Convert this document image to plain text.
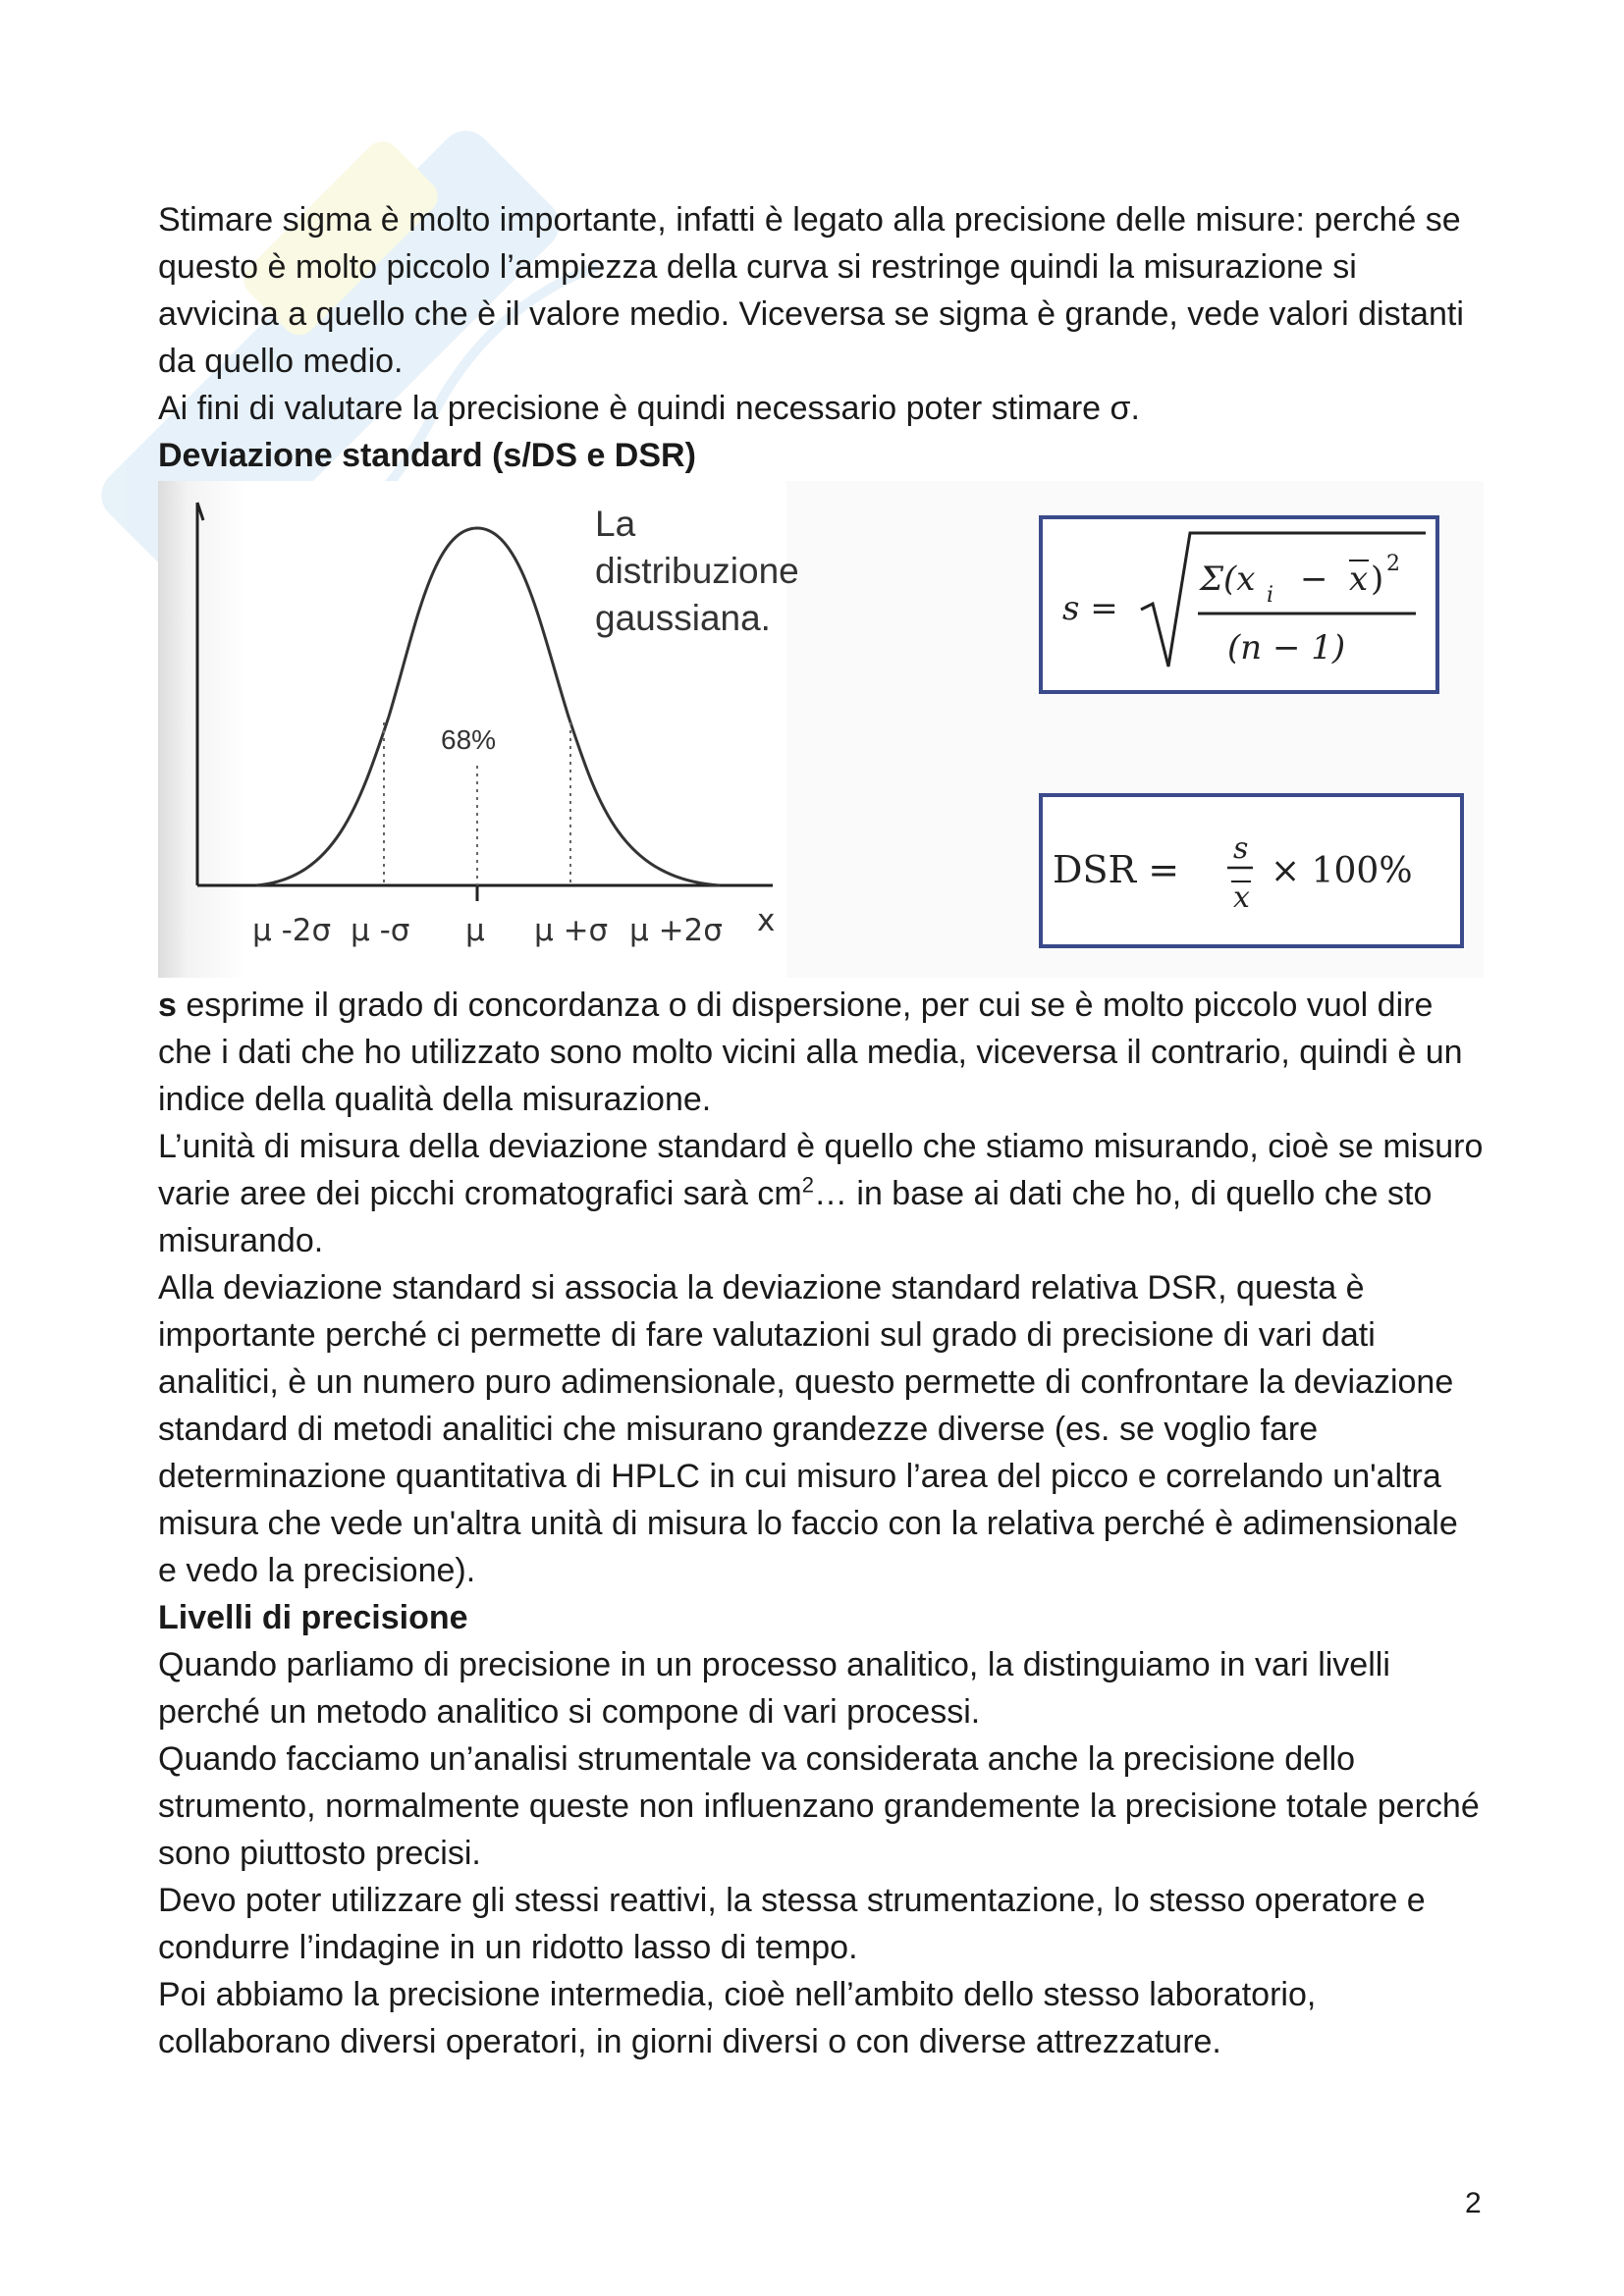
Stimare sigma è molto importante, infatti è legato alla precisione delle misure: perché se questo è molto piccolo l’ampiezza della curva si restringe quindi la misurazione si avvicina a quello che è il valore medio. Viceversa se sigma è grande, vede valori distanti da quello medio.

Ai fini di valutare la precisione è quindi necessario poter stimare σ.

Deviazione standard (s/DS e DSR)

La distribuzione
gaussiana.
68%
μ -2σ μ -σ μ μ +σ μ +2σ x
s =
Σ(x i − x ) 2
(n − 1)
DSR = s
x
× 100%

s esprime il grado di concordanza o di dispersione, per cui se è molto piccolo vuol dire che i dati che ho utilizzato sono molto vicini alla media, viceversa il contrario, quindi è un indice della qualità della misurazione.

L’unità di misura della deviazione standard è quello che stiamo misurando, cioè se misuro varie aree dei picchi cromatografici sarà $cm^2\dots$ in base ai dati che ho, di quello che sto misurando.

Alla deviazione standard si associa la deviazione standard relativa DSR, questa è importante perché ci permette di fare valutazioni sul grado di precisione di vari dati analitici, è un numero puro adimensionale, questo permette di confrontare la deviazione standard di metodi analitici che misurano grandezze diverse (es. se voglio fare determinazione quantitativa di HPLC in cui misuro l’area del picco e correlando un'altra misura che vede un'altra unità di misura lo faccio con la relativa perché è adimensionale e vedo la precisione).

Livelli di precisione

Quando parliamo di precisione in un processo analitico, la distinguiamo in vari livelli perché un metodo analitico si compone di vari processi.

Quando facciamo un’analisi strumentale va considerata anche la precisione dello strumento, normalmente queste non influenzano grandemente la precisione totale perché sono piuttosto precisi.

Devo poter utilizzare gli stessi reattivi, la stessa strumentazione, lo stesso operatore e condurre l’indagine in un ridotto lasso di tempo.

Poi abbiamo la precisione intermedia, cioè nell’ambito dello stesso laboratorio, collaborano diversi operatori, in giorni diversi o con diverse attrezzature.

2
